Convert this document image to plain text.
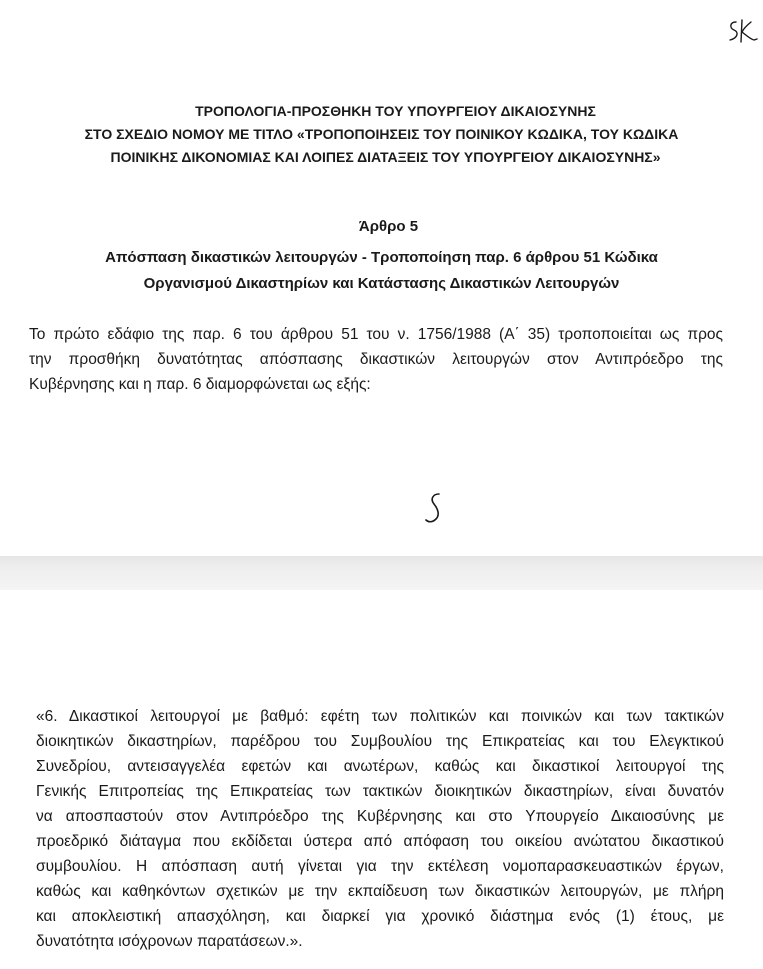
ΤΡΟΠΟΛΟΓΙΑ-ΠΡΟΣΘΗΚΗ ΤΟΥ ΥΠΟΥΡΓΕΙΟΥ ΔΙΚΑΙΟΣΥΝΗΣ
ΣΤΟ ΣΧΕΔΙΟ ΝΟΜΟΥ ΜΕ ΤΙΤΛΟ «ΤΡΟΠΟΠΟΙΗΣΕΙΣ ΤΟΥ ΠΟΙΝΙΚΟΥ ΚΩΔΙΚΑ, ΤΟΥ ΚΩΔΙΚΑ
ΠΟΙΝΙΚΗΣ ΔΙΚΟΝΟΜΙΑΣ ΚΑΙ ΛΟΙΠΕΣ ΔΙΑΤΑΞΕΙΣ ΤΟΥ ΥΠΟΥΡΓΕΙΟΥ ΔΙΚΑΙΟΣΥΝΗΣ»
Άρθρο 5
Απόσπαση δικαστικών λειτουργών - Τροποποίηση παρ. 6 άρθρου 51 Κώδικα
Οργανισμού Δικαστηρίων και Κατάστασης Δικαστικών Λειτουργών
Το πρώτο εδάφιο της παρ. 6 του άρθρου 51 του ν. 1756/1988 (Α΄ 35) τροποποιείται ως προς
την προσθήκη δυνατότητας απόσπασης δικαστικών λειτουργών στον Αντιπρόεδρο της
Κυβέρνησης και η παρ. 6 διαμορφώνεται ως εξής:
«6. Δικαστικοί λειτουργοί με βαθμό: εφέτη των πολιτικών και ποινικών και των τακτικών
διοικητικών δικαστηρίων, παρέδρου του Συμβουλίου της Επικρατείας και του Ελεγκτικού
Συνεδρίου, αντεισαγγελέα εφετών και ανωτέρων, καθώς και δικαστικοί λειτουργοί της
Γενικής Επιτροπείας της Επικρατείας των τακτικών διοικητικών δικαστηρίων, είναι δυνατόν
να αποσπαστούν στον Αντιπρόεδρο της Κυβέρνησης και στο Υπουργείο Δικαιοσύνης με
προεδρικό διάταγμα που εκδίδεται ύστερα από απόφαση του οικείου ανώτατου δικαστικού
συμβουλίου. Η απόσπαση αυτή γίνεται για την εκτέλεση νομοπαρασκευαστικών έργων,
καθώς και καθηκόντων σχετικών με την εκπαίδευση των δικαστικών λειτουργών, με πλήρη
και αποκλειστική απασχόληση, και διαρκεί για χρονικό διάστημα ενός (1) έτους, με
δυνατότητα ισόχρονων παρατάσεων.».
